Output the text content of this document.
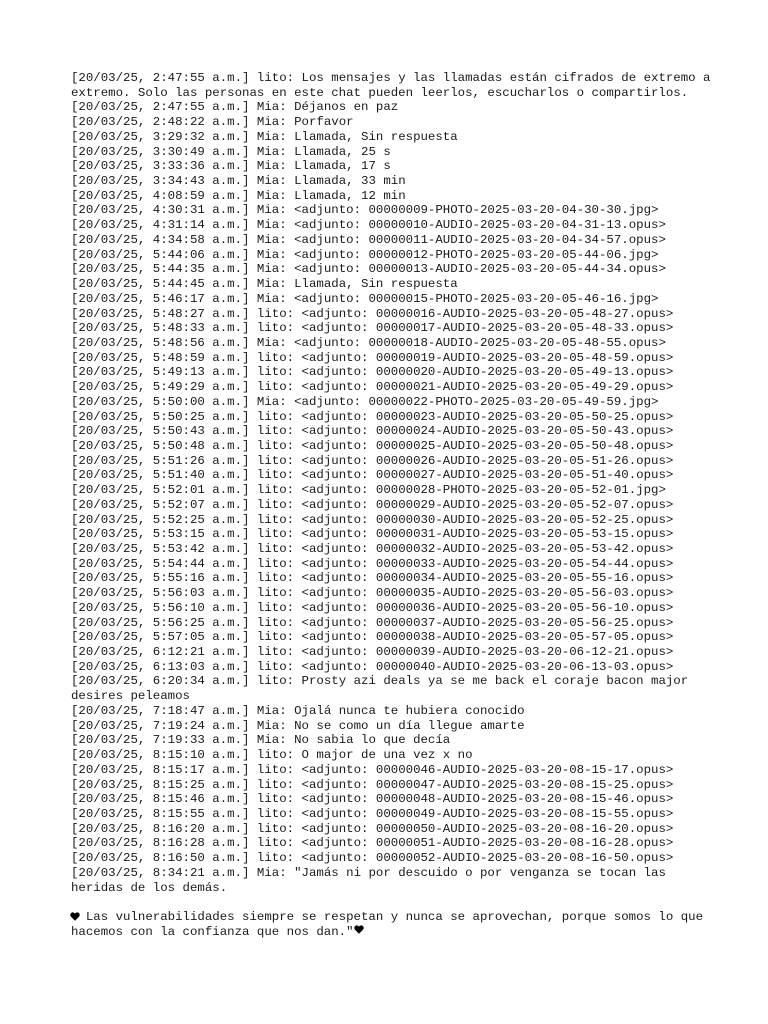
[20/03/25, 2:47:55 a.m.] lito: Los mensajes y las llamadas están cifrados de extremo a extremo. Solo las personas en este chat pueden leerlos, escucharlos o compartirlos.
[20/03/25, 2:47:55 a.m.] Mia: Déjanos en paz
[20/03/25, 2:48:22 a.m.] Mia: Porfavor
[20/03/25, 3:29:32 a.m.] Mia: Llamada, Sin respuesta
[20/03/25, 3:30:49 a.m.] Mia: Llamada, 25 s
[20/03/25, 3:33:36 a.m.] Mia: Llamada, 17 s
[20/03/25, 3:34:43 a.m.] Mia: Llamada, 33 min
[20/03/25, 4:08:59 a.m.] Mia: Llamada, 12 min
[20/03/25, 4:30:31 a.m.] Mia: <adjunto: 00000009-PHOTO-2025-03-20-04-30-30.jpg>
[20/03/25, 4:31:14 a.m.] Mia: <adjunto: 00000010-AUDIO-2025-03-20-04-31-13.opus>
[20/03/25, 4:34:58 a.m.] Mia: <adjunto: 00000011-AUDIO-2025-03-20-04-34-57.opus>
[20/03/25, 5:44:06 a.m.] Mia: <adjunto: 00000012-PHOTO-2025-03-20-05-44-06.jpg>
[20/03/25, 5:44:35 a.m.] Mia: <adjunto: 00000013-AUDIO-2025-03-20-05-44-34.opus>
[20/03/25, 5:44:45 a.m.] Mia: Llamada, Sin respuesta
[20/03/25, 5:46:17 a.m.] Mia: <adjunto: 00000015-PHOTO-2025-03-20-05-46-16.jpg>
[20/03/25, 5:48:27 a.m.] lito: <adjunto: 00000016-AUDIO-2025-03-20-05-48-27.opus>
[20/03/25, 5:48:33 a.m.] lito: <adjunto: 00000017-AUDIO-2025-03-20-05-48-33.opus>
[20/03/25, 5:48:56 a.m.] Mia: <adjunto: 00000018-AUDIO-2025-03-20-05-48-55.opus>
[20/03/25, 5:48:59 a.m.] lito: <adjunto: 00000019-AUDIO-2025-03-20-05-48-59.opus>
[20/03/25, 5:49:13 a.m.] lito: <adjunto: 00000020-AUDIO-2025-03-20-05-49-13.opus>
[20/03/25, 5:49:29 a.m.] lito: <adjunto: 00000021-AUDIO-2025-03-20-05-49-29.opus>
[20/03/25, 5:50:00 a.m.] Mia: <adjunto: 00000022-PHOTO-2025-03-20-05-49-59.jpg>
[20/03/25, 5:50:25 a.m.] lito: <adjunto: 00000023-AUDIO-2025-03-20-05-50-25.opus>
[20/03/25, 5:50:43 a.m.] lito: <adjunto: 00000024-AUDIO-2025-03-20-05-50-43.opus>
[20/03/25, 5:50:48 a.m.] lito: <adjunto: 00000025-AUDIO-2025-03-20-05-50-48.opus>
[20/03/25, 5:51:26 a.m.] lito: <adjunto: 00000026-AUDIO-2025-03-20-05-51-26.opus>
[20/03/25, 5:51:40 a.m.] lito: <adjunto: 00000027-AUDIO-2025-03-20-05-51-40.opus>
[20/03/25, 5:52:01 a.m.] lito: <adjunto: 00000028-PHOTO-2025-03-20-05-52-01.jpg>
[20/03/25, 5:52:07 a.m.] lito: <adjunto: 00000029-AUDIO-2025-03-20-05-52-07.opus>
[20/03/25, 5:52:25 a.m.] lito: <adjunto: 00000030-AUDIO-2025-03-20-05-52-25.opus>
[20/03/25, 5:53:15 a.m.] lito: <adjunto: 00000031-AUDIO-2025-03-20-05-53-15.opus>
[20/03/25, 5:53:42 a.m.] lito: <adjunto: 00000032-AUDIO-2025-03-20-05-53-42.opus>
[20/03/25, 5:54:44 a.m.] lito: <adjunto: 00000033-AUDIO-2025-03-20-05-54-44.opus>
[20/03/25, 5:55:16 a.m.] lito: <adjunto: 00000034-AUDIO-2025-03-20-05-55-16.opus>
[20/03/25, 5:56:03 a.m.] lito: <adjunto: 00000035-AUDIO-2025-03-20-05-56-03.opus>
[20/03/25, 5:56:10 a.m.] lito: <adjunto: 00000036-AUDIO-2025-03-20-05-56-10.opus>
[20/03/25, 5:56:25 a.m.] lito: <adjunto: 00000037-AUDIO-2025-03-20-05-56-25.opus>
[20/03/25, 5:57:05 a.m.] lito: <adjunto: 00000038-AUDIO-2025-03-20-05-57-05.opus>
[20/03/25, 6:12:21 a.m.] lito: <adjunto: 00000039-AUDIO-2025-03-20-06-12-21.opus>
[20/03/25, 6:13:03 a.m.] lito: <adjunto: 00000040-AUDIO-2025-03-20-06-13-03.opus>
[20/03/25, 6:20:34 a.m.] lito: Prosty azi deals ya se me back el coraje bacon major desires peleamos
[20/03/25, 7:18:47 a.m.] Mia: Ojalá nunca te hubiera conocido
[20/03/25, 7:19:24 a.m.] Mia: No se como un día llegue amarte
[20/03/25, 7:19:33 a.m.] Mia: No sabia lo que decía
[20/03/25, 8:15:10 a.m.] lito: O major de una vez x no
[20/03/25, 8:15:17 a.m.] lito: <adjunto: 00000046-AUDIO-2025-03-20-08-15-17.opus>
[20/03/25, 8:15:25 a.m.] lito: <adjunto: 00000047-AUDIO-2025-03-20-08-15-25.opus>
[20/03/25, 8:15:46 a.m.] lito: <adjunto: 00000048-AUDIO-2025-03-20-08-15-46.opus>
[20/03/25, 8:15:55 a.m.] lito: <adjunto: 00000049-AUDIO-2025-03-20-08-15-55.opus>
[20/03/25, 8:16:20 a.m.] lito: <adjunto: 00000050-AUDIO-2025-03-20-08-16-20.opus>
[20/03/25, 8:16:28 a.m.] lito: <adjunto: 00000051-AUDIO-2025-03-20-08-16-28.opus>
[20/03/25, 8:16:50 a.m.] lito: <adjunto: 00000052-AUDIO-2025-03-20-08-16-50.opus>
[20/03/25, 8:34:21 a.m.] Mia: "Jamás ni por descuido o por venganza se tocan las heridas de los demás.

Las vulnerabilidades siempre se respetan y nunca se aprovechan, porque somos lo que hacemos con la confianza que nos dan."
